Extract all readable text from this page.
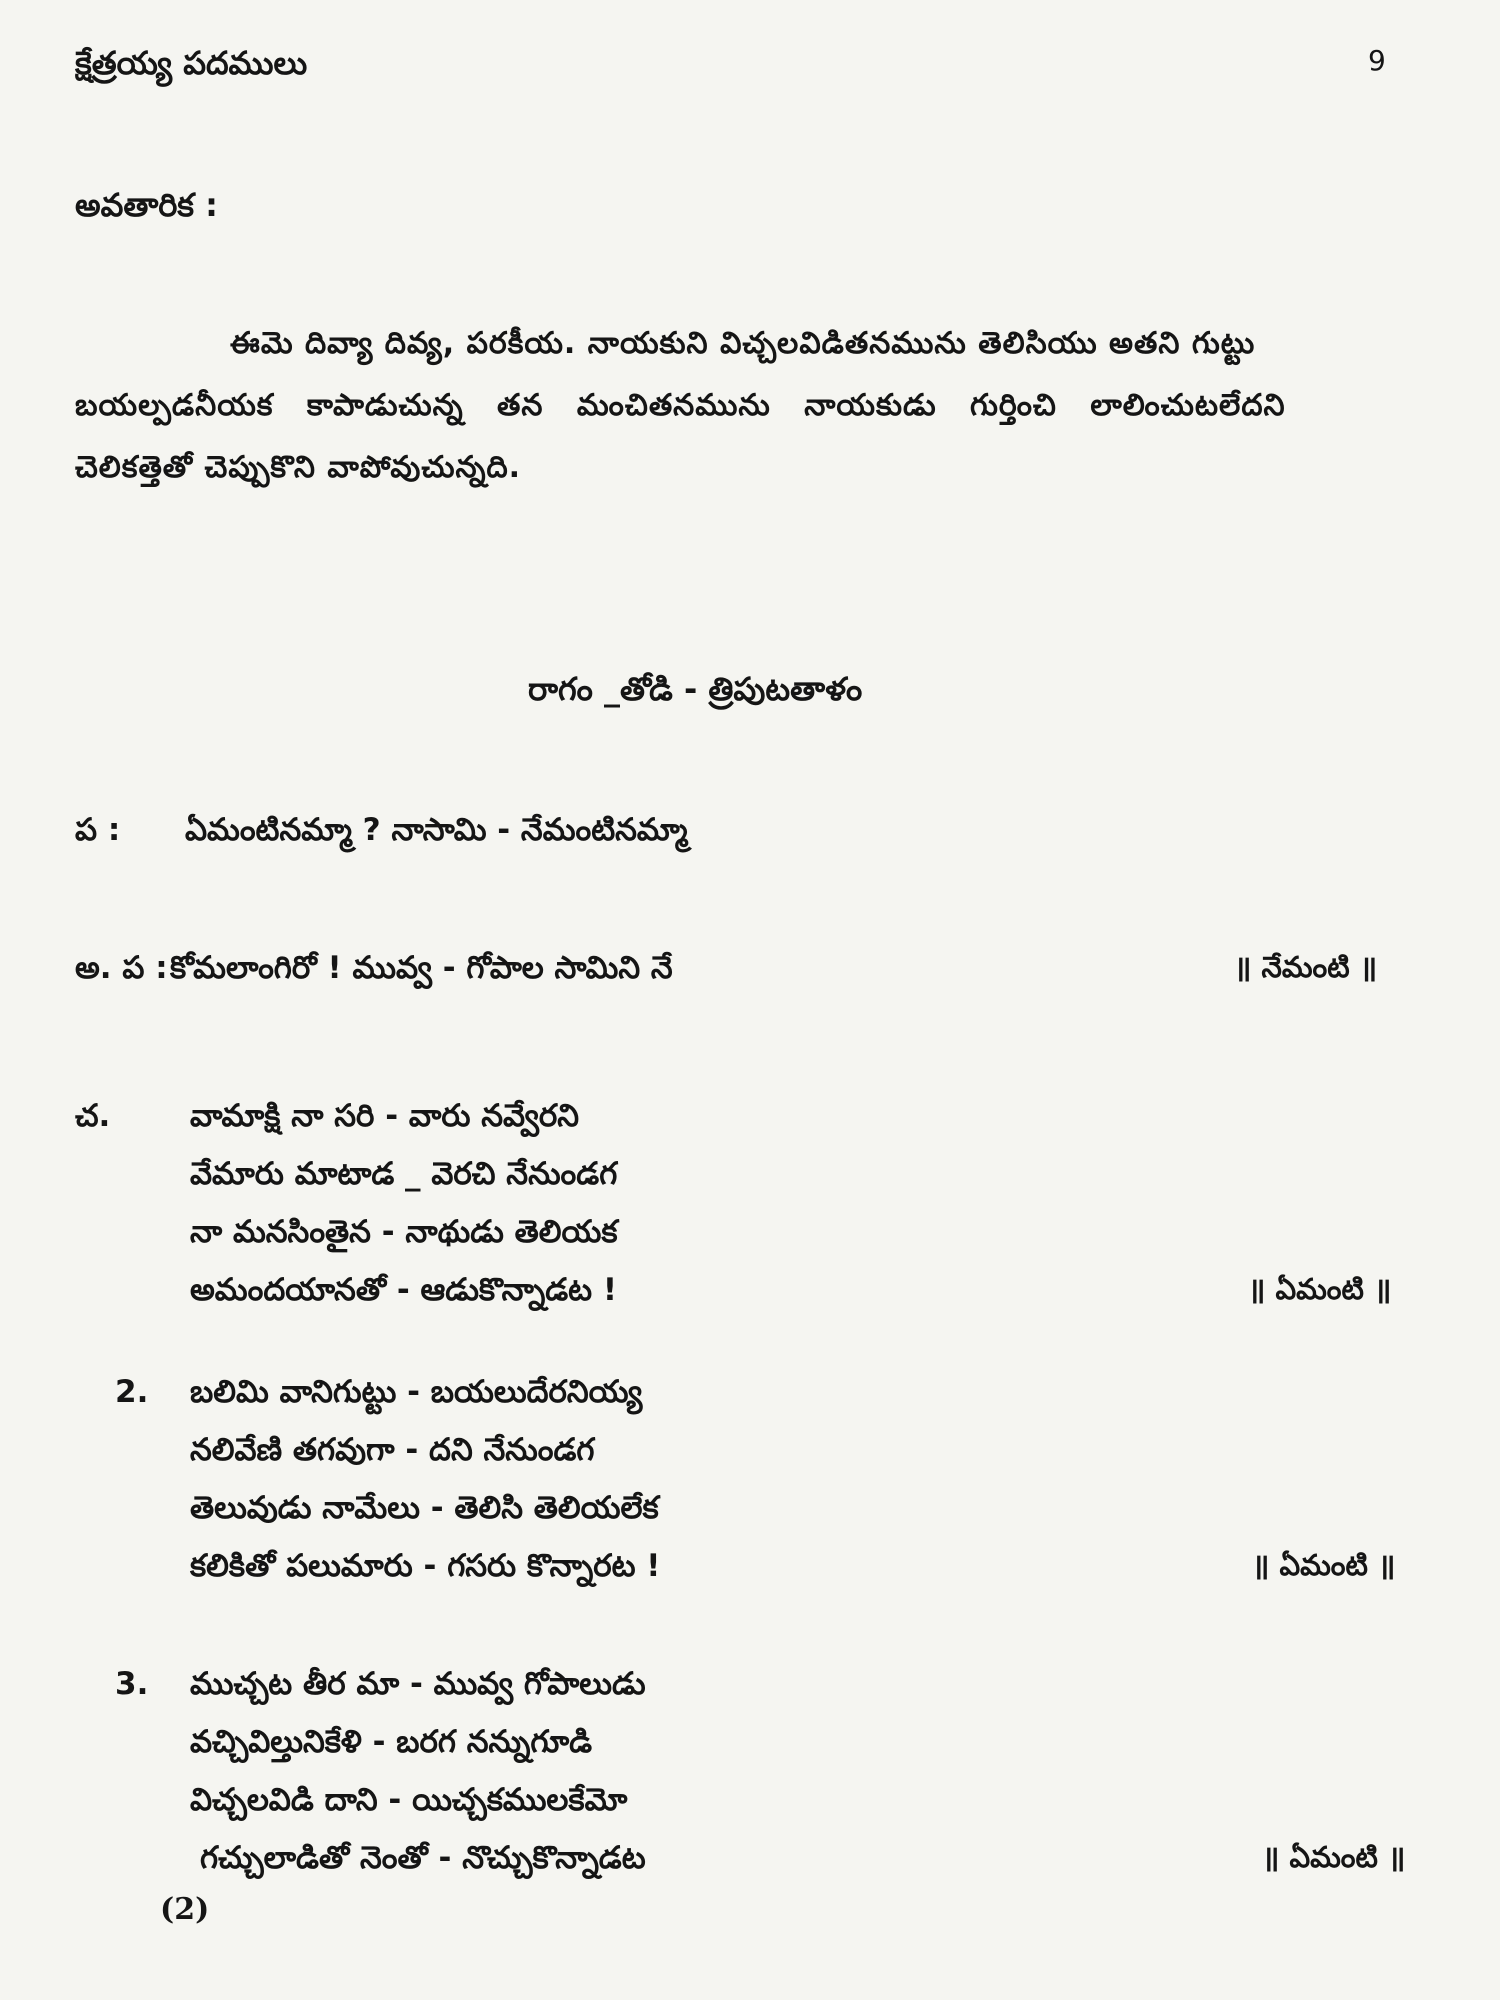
క్షేత్రయ్య పదములు	9
అవతారిక :
ఈమె దివ్యా దివ్య, పరకీయ. నాయకుని విచ్చలవిడితనమును తెలిసియు అతని గుట్టు
బయల్పడనీయక కాపాడుచున్న తన మంచితనమును నాయకుడు గుర్తించి లాలించుటలేదని
చెలికత్తెతో చెప్పుకొని వాపోవుచున్నది.
రాగం _తోడి - త్రిపుటతాళం
ప : ఏమంటినమ్మా ? నాసామి - నేమంటినమ్మా
అ. ప : కోమలాంగిరో ! మువ్వ - గోపాల సామిని నే	॥ నేమంటి ॥
చ.	వామాక్షి నా సరి - వారు నవ్వేరని
వేమారు మాటాడ _ వెరచి నేనుండగ
నా మనసింతైన - నాథుడు తెలియక
అమందయానతో - ఆడుకొన్నాడట !	॥ ఏమంటి ॥
2. బలిమి వానిగుట్టు - బయలుదేరనియ్య
నలివేణి తగవుగా - దని నేనుండగ
తెలువుడు నామేలు - తెలిసి తెలియలేక
కలికితో పలుమారు - గసరు కొన్నారట !	॥ ఏమంటి ॥
3. ముచ్చట తీర మా - మువ్వ గోపాలుడు
వచ్చివిల్తునికేళి - బరగ నన్నుగూడి
విచ్చలవిడి దాని - యిచ్చకములకేమో
గచ్చులాడితో నెంతో - నొచ్చుకొన్నాడట	॥ ఏమంటి ॥
(2)
